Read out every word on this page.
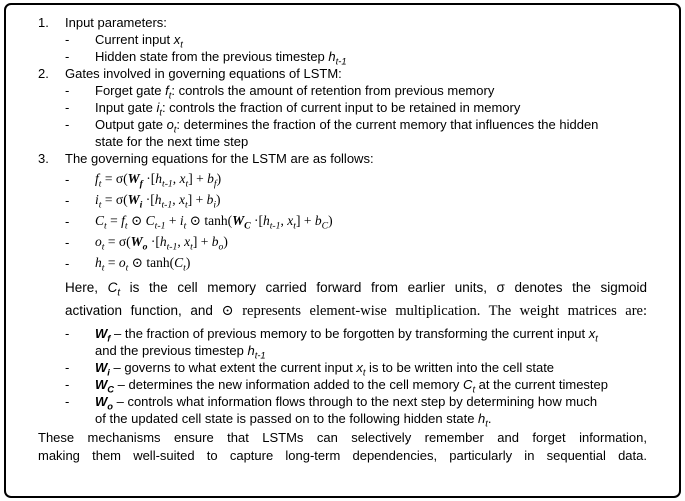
1.	Input parameters:
-	Current input $x_t$
-	Hidden state from the previous timestep $h_{t-1}$
2.	Gates involved in governing equations of LSTM:
-	Forget gate $f_t$: controls the amount of retention from previous memory
-	Input gate $i_t$: controls the fraction of current input to be retained in memory
-	Output gate $o_t$: determines the fraction of the current memory that influences the hidden
state for the next time step
3.	The governing equations for the LSTM are as follows:
-	$f_t = \sigma(W_f \cdot[h_{t-1}$, $x_t] + b_f$)
-	$i_t = \sigma(W_i \cdot[h_{t-1}$, $x_t] + b_i$)
-	$C_t = f_t$ ⊙ $C_{t-1} + i_t$ ⊙ $\tanh(W_C \cdot[h_{t-1}$, $x_t] + b_C$)
-	$o_t = \sigma(W_o \cdot[h_{t-1}$, $x_t] + b_o$)
-	$h_t = o_t$ ⊙ $\tanh(C_t)$
Here, $C_t$ is the cell memory carried forward from earlier units, σ denotes the sigmoid
activation function, and ⊙ represents element-wise multiplication. The weight matrices are:
-	$W_f$ – the fraction of previous memory to be forgotten by transforming the current input $x_t$
and the previous timestep $h_{t-1}$
-	$W_i$ – governs to what extent the current input $x_t$ is to be written into the cell state
-	$W_C$ – determines the new information added to the cell memory $C_t$ at the current timestep
-	$W_o$ – controls what information flows through to the next step by determining how much
of the updated cell state is passed on to the following hidden state $h_t$.
These mechanisms ensure that LSTMs can selectively remember and forget information,
making them well-suited to capture long-term dependencies, particularly in sequential data.
